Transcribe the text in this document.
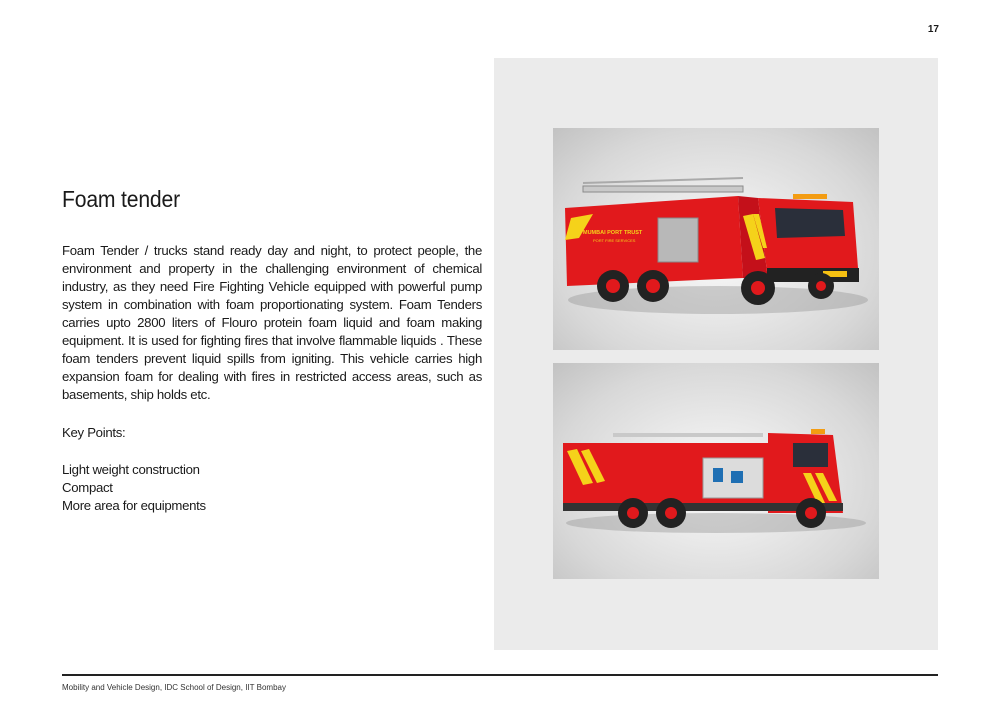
17
Foam tender

Foam Tender / trucks stand ready day and night, to protect people, the environment and property in the challenging environment of chemical industry, as they need Fire Fighting Vehicle equipped with powerful pump system in combination with foam proportionating system. Foam Tenders carries upto 2800 liters of Flouro protein foam liquid and foam making equipment. It is used for fighting fires that involve flammable liquids . These foam tenders prevent liquid spills from igniting. This vehicle carries high expansion foam for dealing with fires in restricted access areas, such as basements, ship holds etc.

Key Points:
Light weight construction
Compact
More area for equipments
MUMBAI PORT TRUST
PORT FIRE SERVICES
Mobility and Vehicle Design, IDC School of Design, IIT Bombay
